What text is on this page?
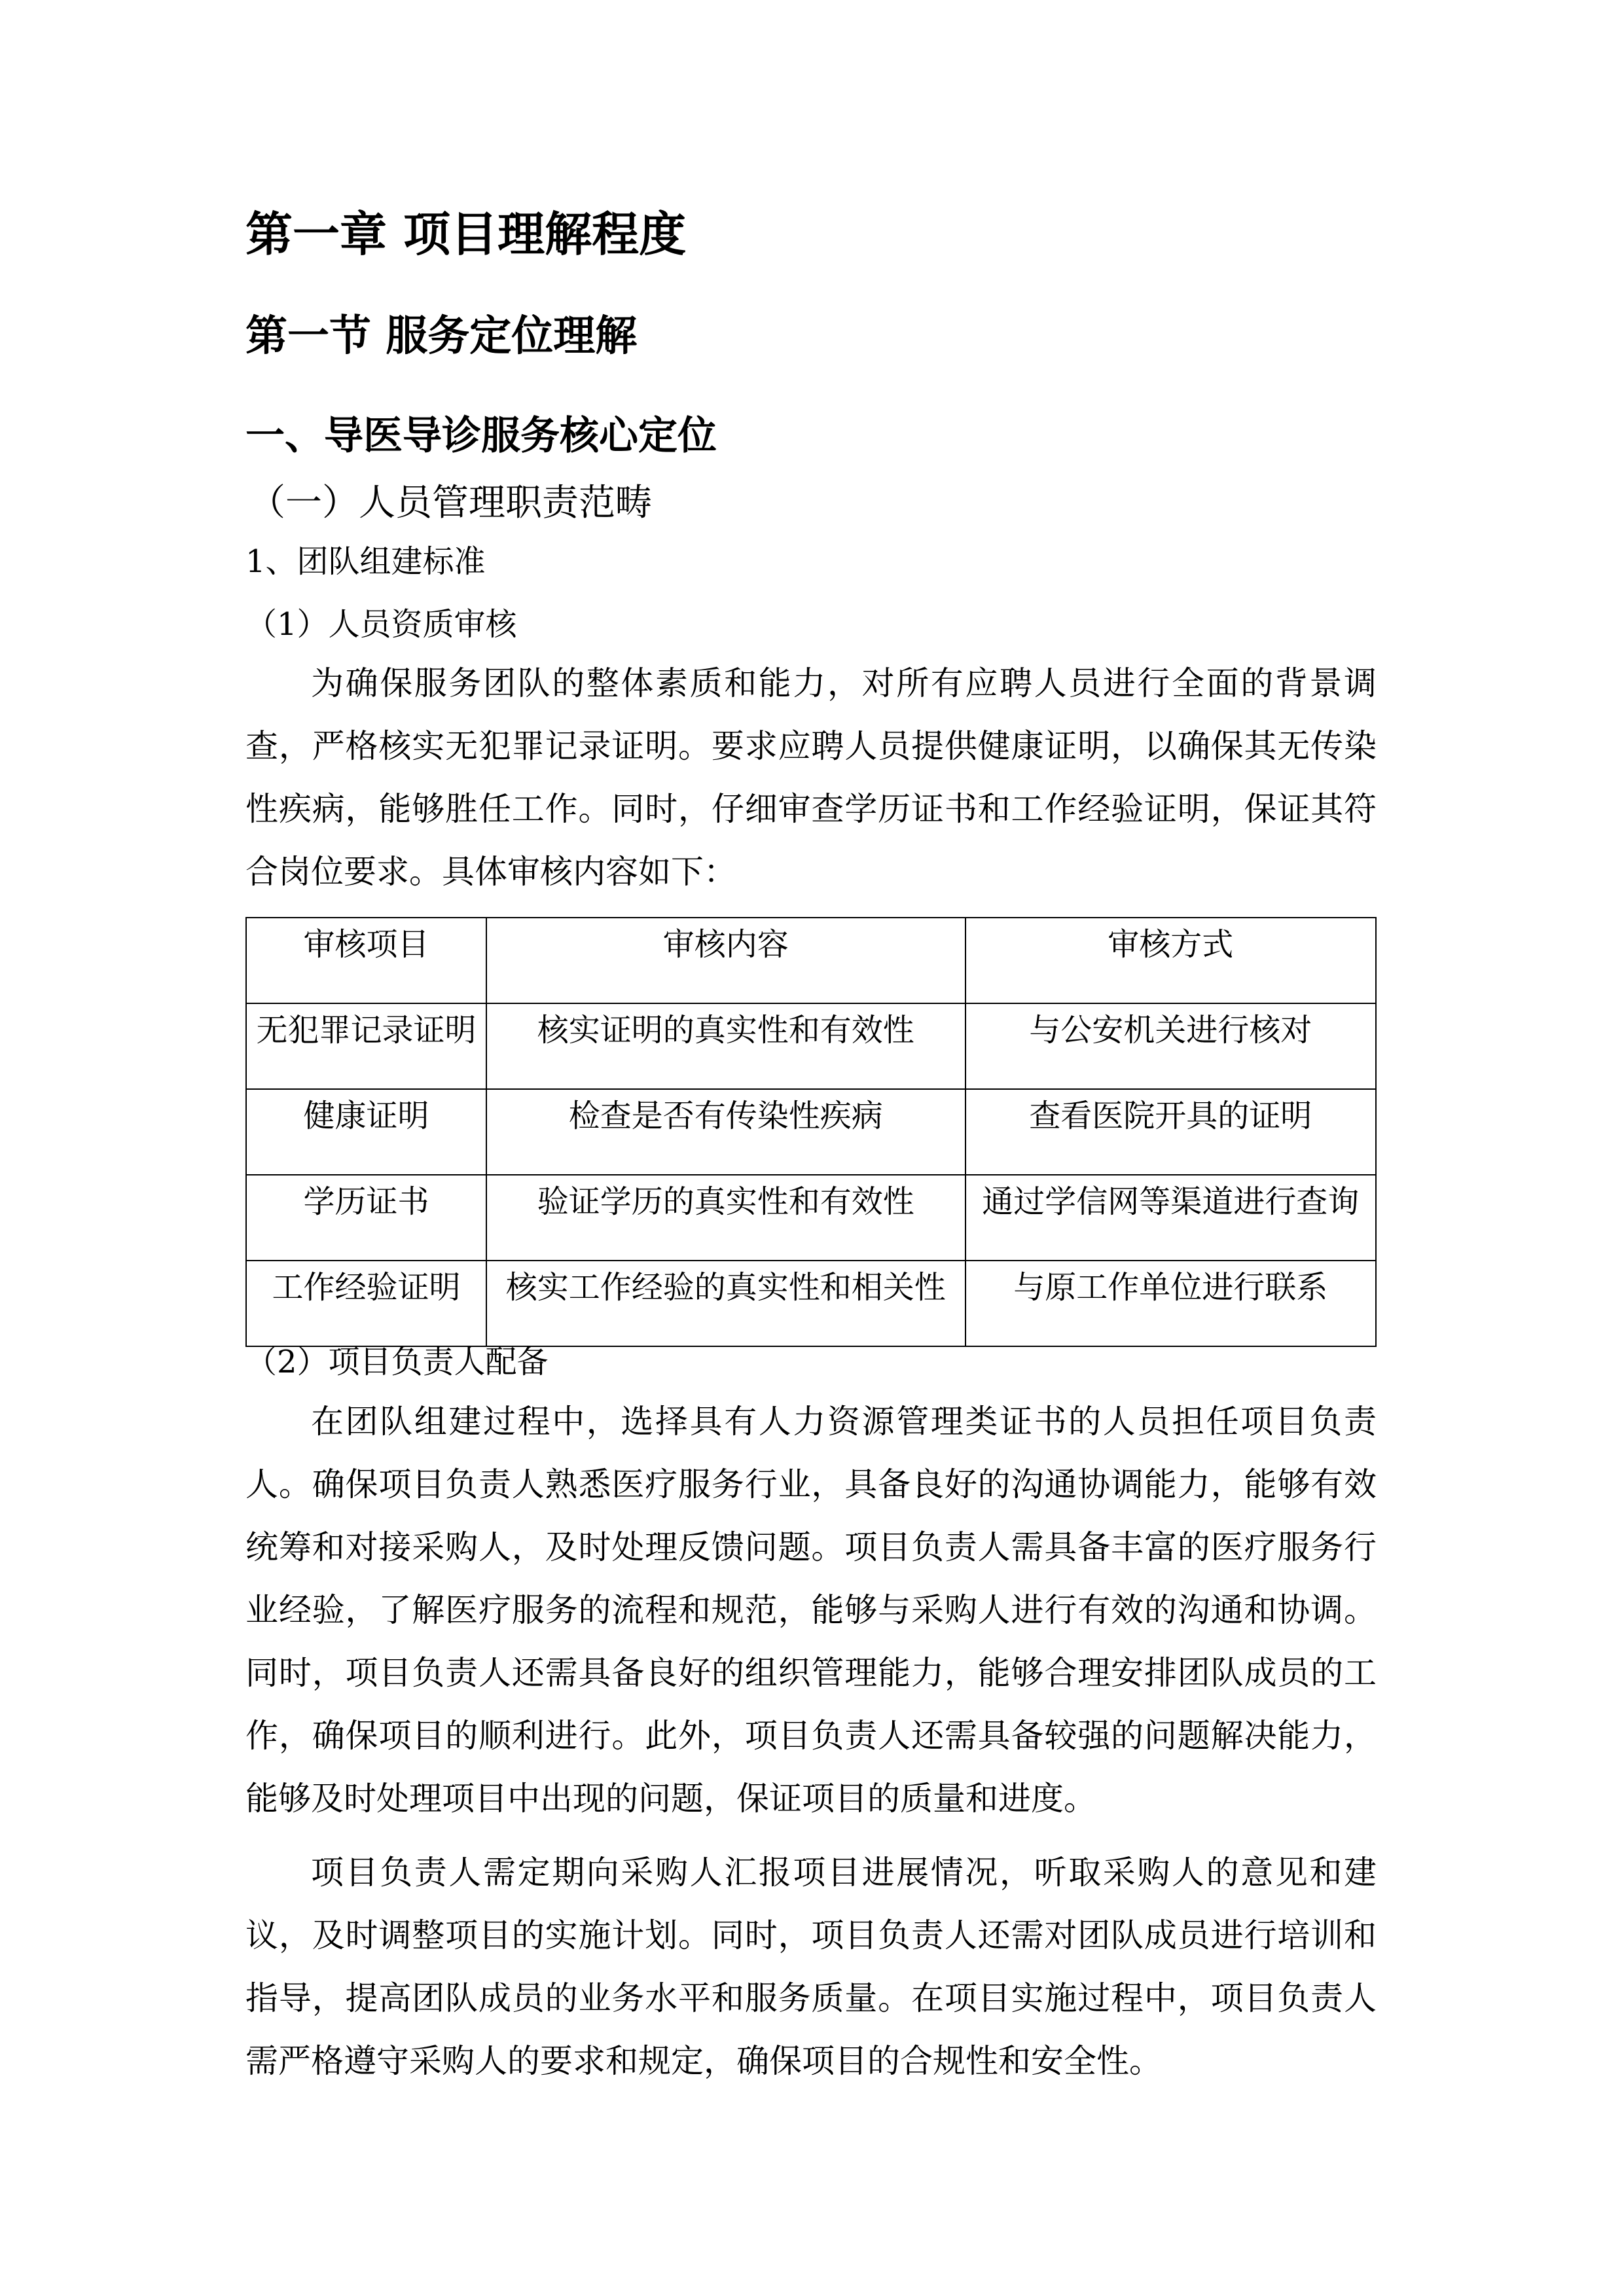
第一章 项目理解程度
第一节 服务定位理解
一、导医导诊服务核心定位
（一）人员管理职责范畴
1、团队组建标准
（1）人员资质审核
为确保服务团队的整体素质和能力，对所有应聘人员进行全面的背景调
查，严格核实无犯罪记录证明。要求应聘人员提供健康证明，以确保其无传染
性疾病，能够胜任工作。同时，仔细审查学历证书和工作经验证明，保证其符
合岗位要求。具体审核内容如下：
审核项目	审核内容	审核方式
无犯罪记录证明	核实证明的真实性和有效性	与公安机关进行核对
健康证明	检查是否有传染性疾病	查看医院开具的证明
学历证书	验证学历的真实性和有效性	通过学信网等渠道进行查询
工作经验证明	核实工作经验的真实性和相关性	与原工作单位进行联系
（2）项目负责人配备
在团队组建过程中，选择具有人力资源管理类证书的人员担任项目负责
人。确保项目负责人熟悉医疗服务行业，具备良好的沟通协调能力，能够有效
统筹和对接采购人，及时处理反馈问题。项目负责人需具备丰富的医疗服务行
业经验，了解医疗服务的流程和规范，能够与采购人进行有效的沟通和协调。
同时，项目负责人还需具备良好的组织管理能力，能够合理安排团队成员的工
作，确保项目的顺利进行。此外，项目负责人还需具备较强的问题解决能力，
能够及时处理项目中出现的问题，保证项目的质量和进度。
项目负责人需定期向采购人汇报项目进展情况，听取采购人的意见和建
议，及时调整项目的实施计划。同时，项目负责人还需对团队成员进行培训和
指导，提高团队成员的业务水平和服务质量。在项目实施过程中，项目负责人
需严格遵守采购人的要求和规定，确保项目的合规性和安全性。
